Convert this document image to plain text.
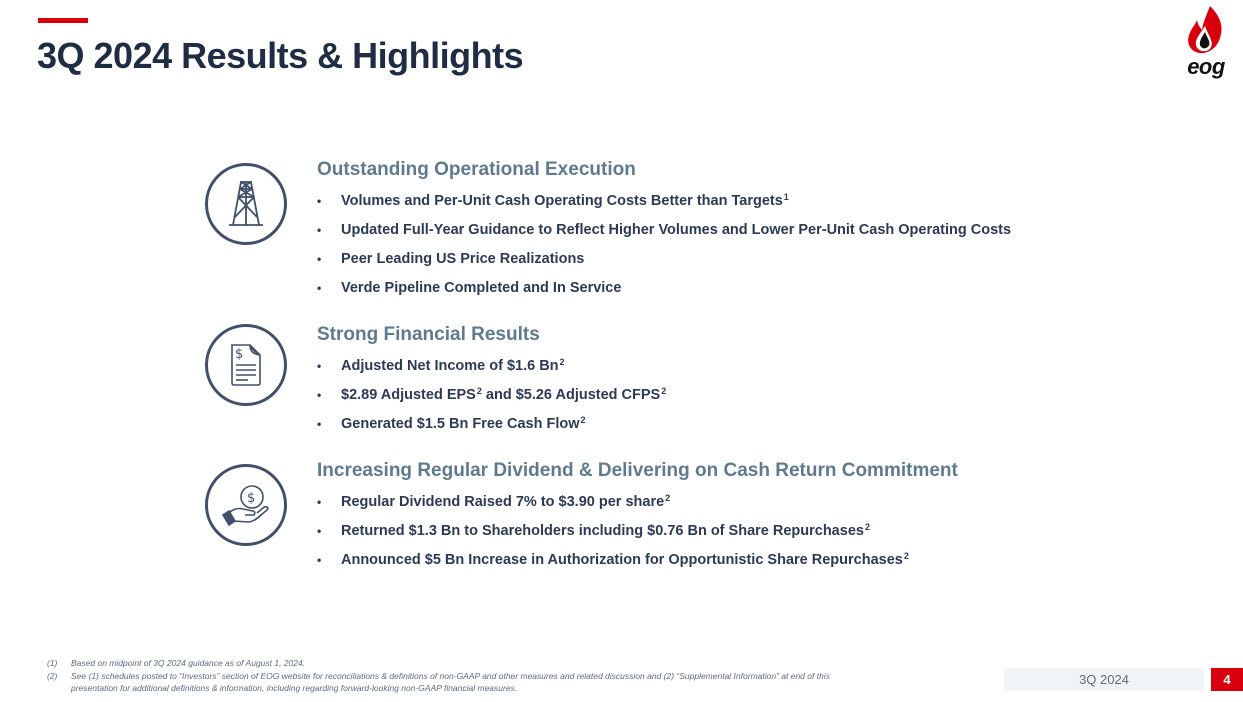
3Q 2024 Results & Highlights	eog
Outstanding Operational Execution
• Volumes and Per-Unit Cash Operating Costs Better than Targets$^1$
• Updated Full-Year Guidance to Reflect Higher Volumes and Lower Per-Unit Cash Operating Costs
• Peer Leading US Price Realizations
• Verde Pipeline Completed and In Service
$
Strong Financial Results
• Adjusted Net Income of $1.6 Bn$^2$
• $2.89 Adjusted EPS$^2$ and $5.26 Adjusted CFPS$^2$
• Generated $1.5 Bn Free Cash Flow$^2$
$
Increasing Regular Dividend & Delivering on Cash Return Commitment
• Regular Dividend Raised 7% to $3.90 per share$^2$
• Returned $1.3 Bn to Shareholders including $0.76 Bn of Share Repurchases$^2$
• Announced $5 Bn Increase in Authorization for Opportunistic Share Repurchases$^2$
(1)	Based on midpoint of 3Q 2024 guidance as of August 1, 2024.
(2)	See (1) schedules posted to “Investors” section of EOG website for reconciliations & definitions of non-GAAP and other measures and related discussion and (2) “Supplemental Information” at end of this presentation for additional definitions & information, including regarding forward-looking non-GAAP financial measures.
3Q 2024	4
